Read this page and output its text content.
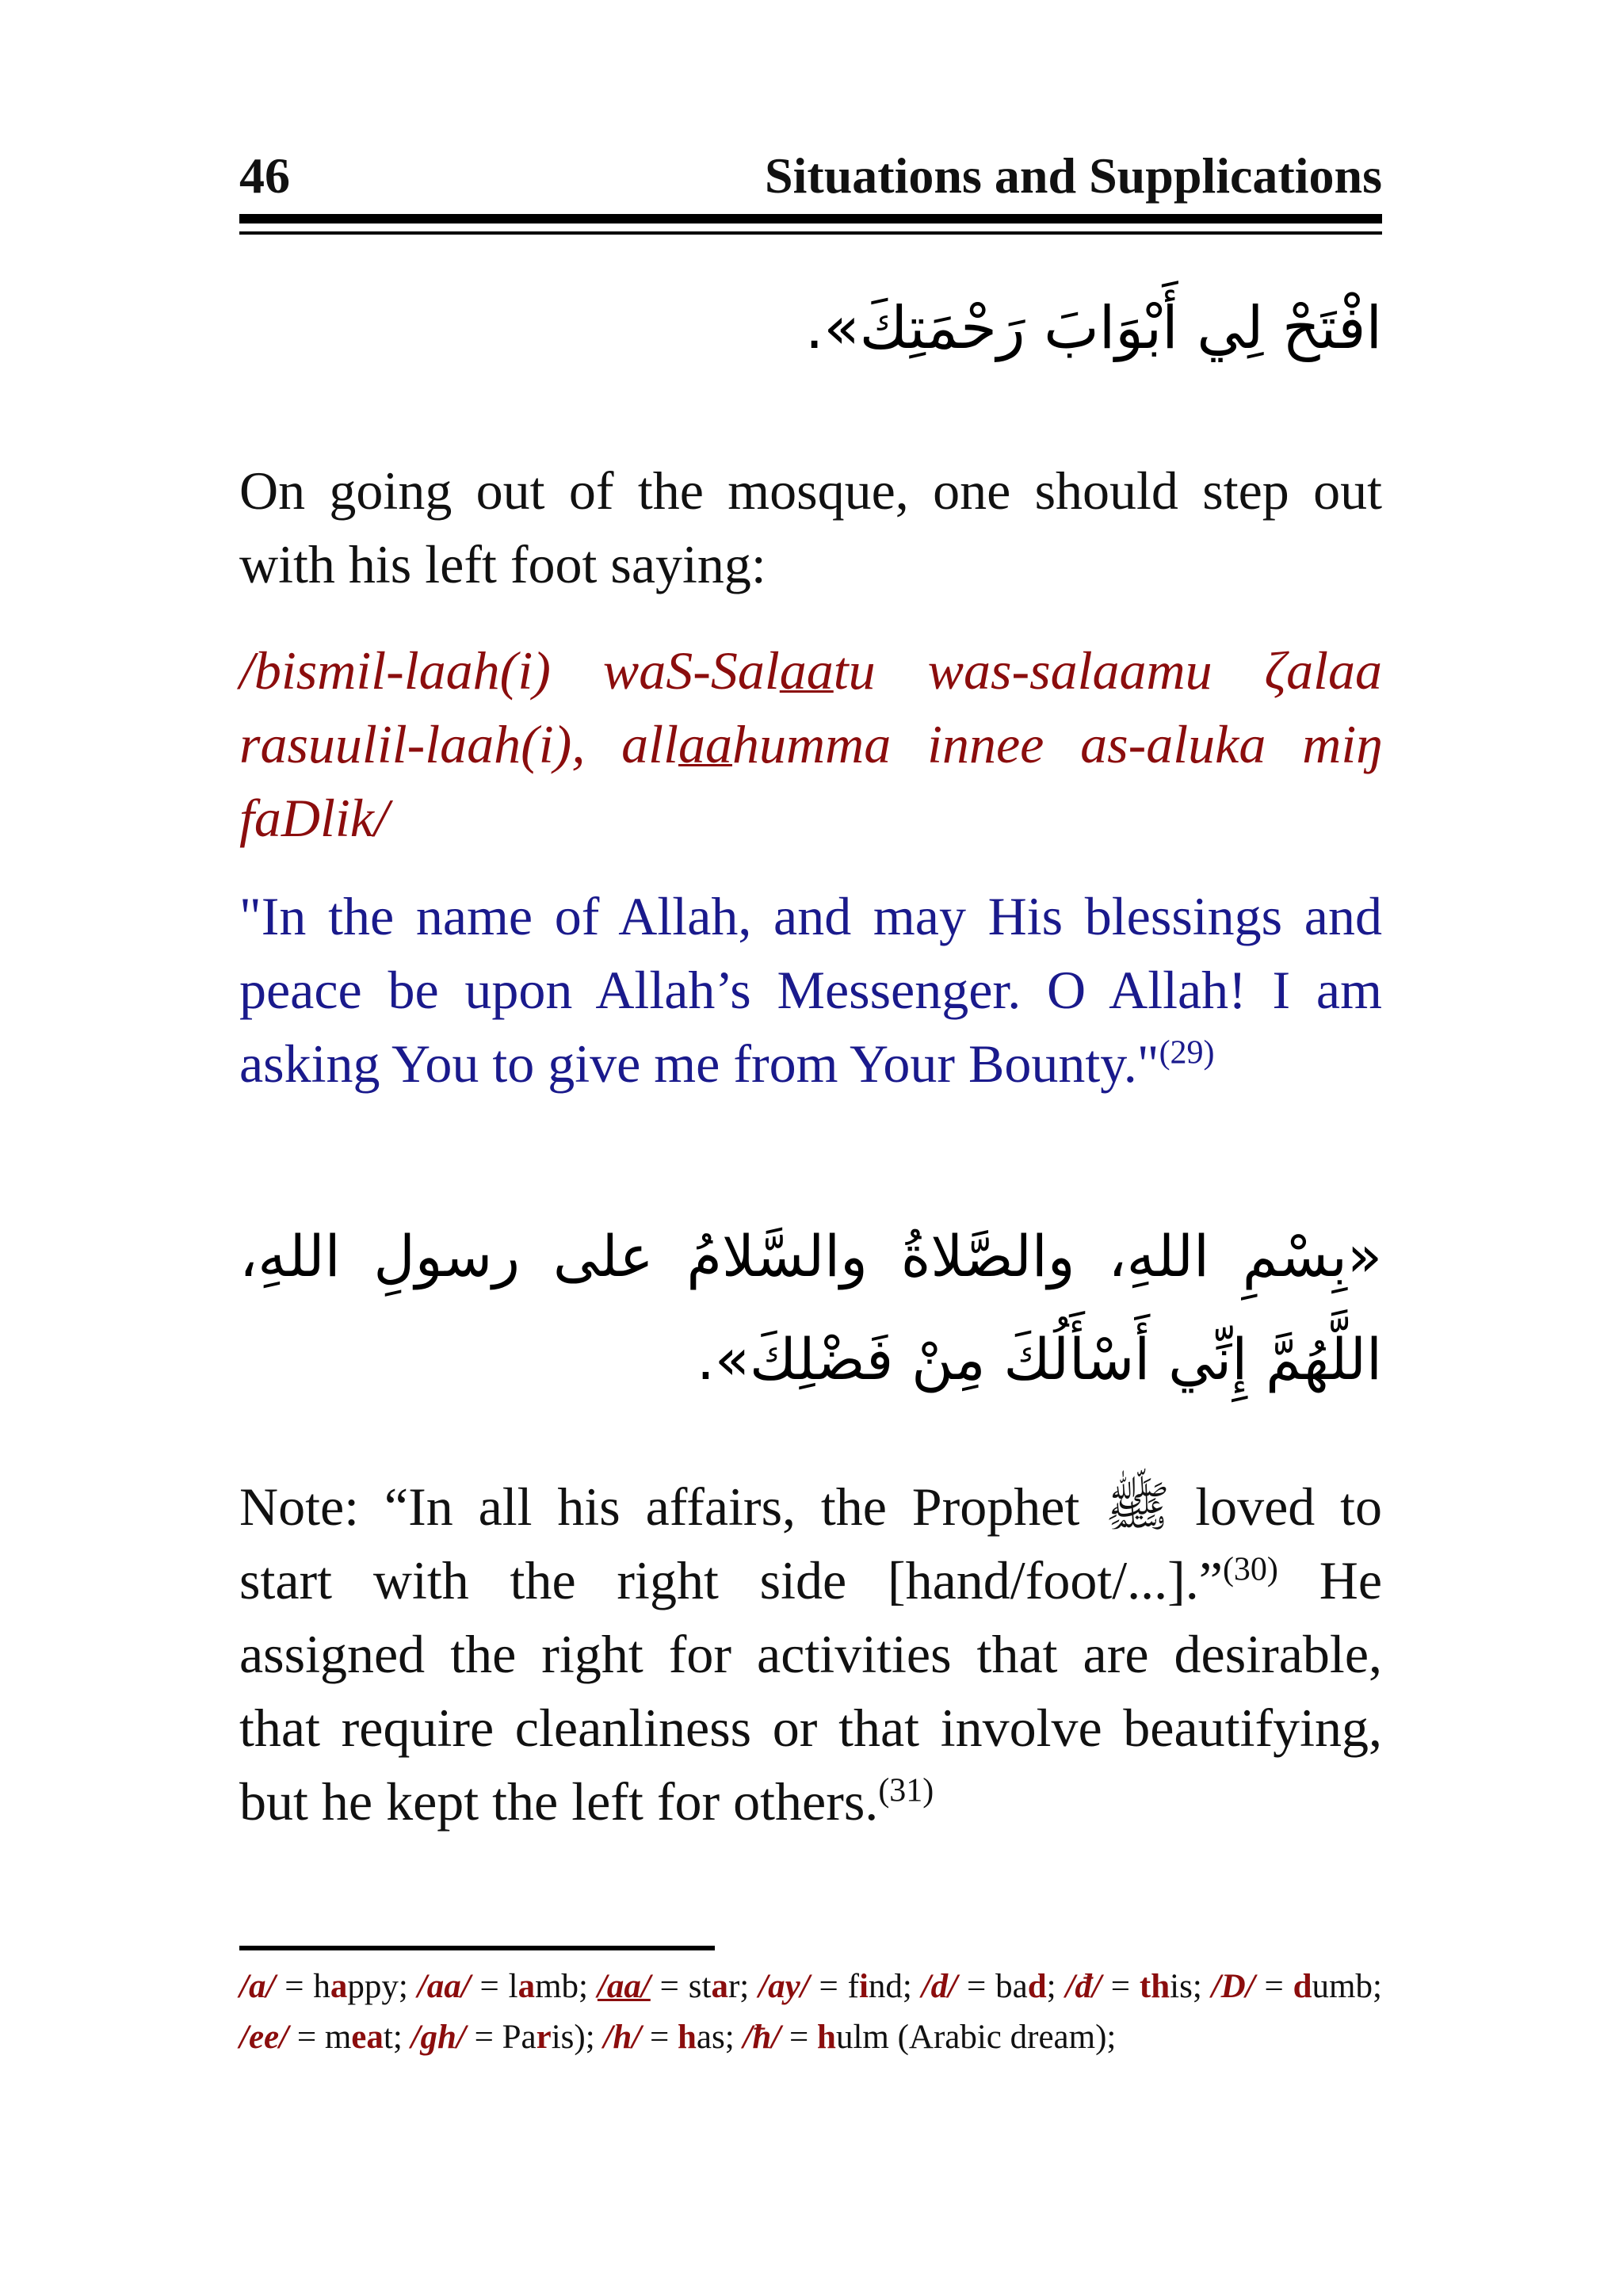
46	Situations and Supplications
افْتَحْ لِي أَبْوَابَ رَحْمَتِكَ».
On going out of the mosque, one should step out with his left foot saying:
/bismil-laah(i) waS-Salaatu was-salaamu ζalaa rasuulil-laah(i), allaahumma innee as-aluka miŋ faDlik/
"In the name of Allah, and may His blessings and peace be upon Allah’s Messenger. O Allah! I am asking You to give me from Your Bounty."$^{(29)}$
«بِسْمِ اللهِ، والصَّلاةُ والسَّلامُ على رسولِ اللهِ، اللَّهُمَّ إِنِّي أَسْأَلُكَ مِنْ فَضْلِكَ».
Note: “In all his affairs, the Prophet ﷺ loved to start with the right side [hand/foot/...].”$^{(30)}$ He assigned the right for activities that are desirable, that require cleanliness or that involve beautifying, but he kept the left for others.$^{(31)}$
/a/ = happy; /aa/ = lamb; /aa/ = star; /ay/ = find; /d/ = bad; /đ/ = this; /D/ = dumb; /ee/ = meat; /gh/ = Paris); /h/ = has; /ħ/ = hulm (Arabic dream);
